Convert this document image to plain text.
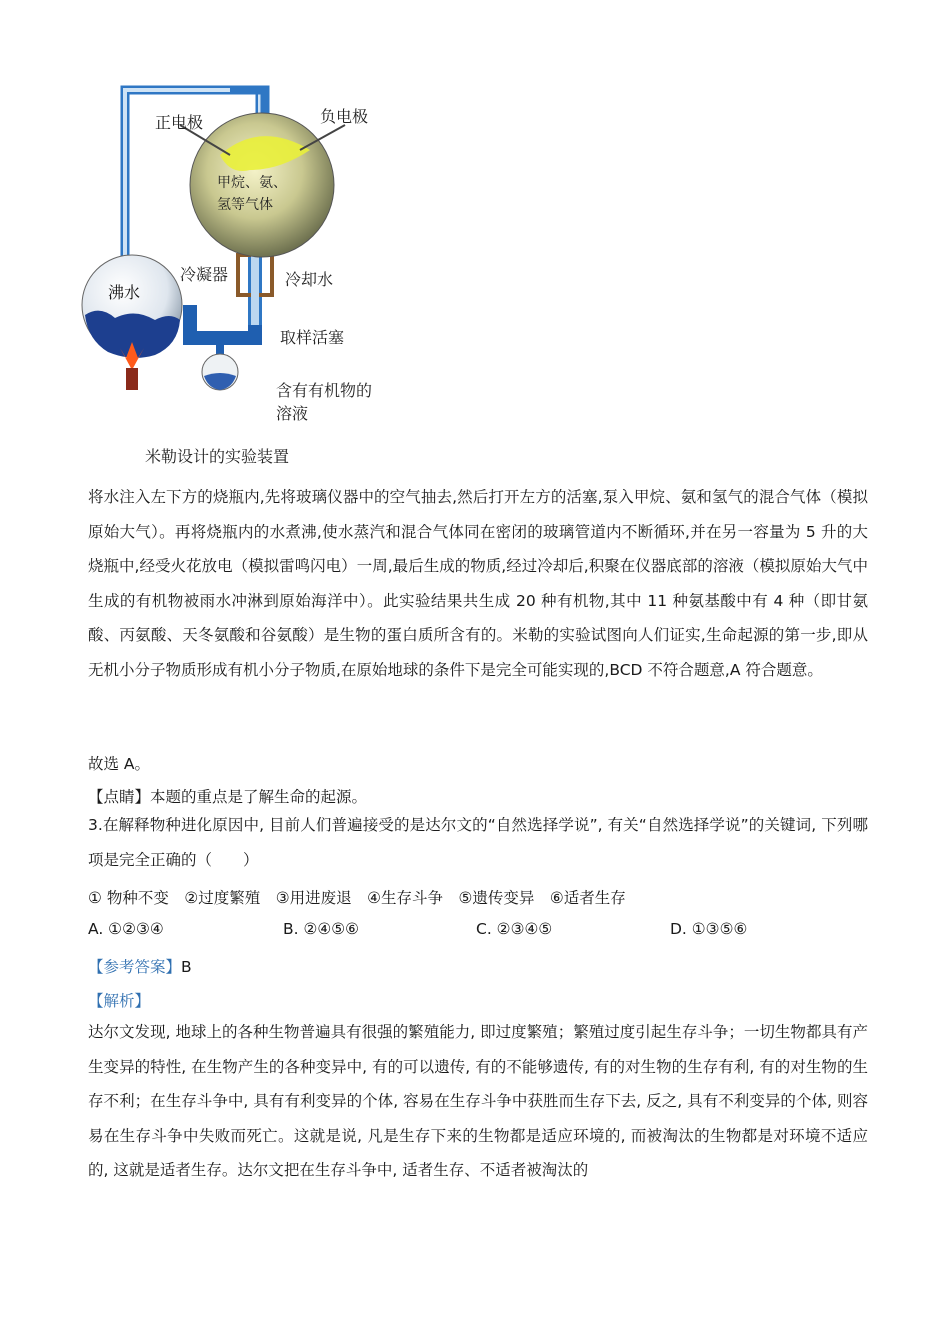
正电极	负电极
甲烷、氨、
氢等气体
冷凝器	冷却水
沸水
取样活塞
含有有机物的
溶液
米勒设计的实验装置
将水注入左下方的烧瓶内,先将玻璃仪器中的空气抽去,然后打开左方的活塞,泵入甲烷、氨和氢气的混合气体（模拟原始大气）。再将烧瓶内的水煮沸,使水蒸汽和混合气体同在密闭的玻璃管道内不断循环,并在另一容量为 5 升的大烧瓶中,经受火花放电（模拟雷鸣闪电）一周,最后生成的物质,经过冷却后,积聚在仪器底部的溶液（模拟原始大气中生成的有机物被雨水冲淋到原始海洋中）。此实验结果共生成 20 种有机物,其中 11 种氨基酸中有 4 种（即甘氨酸、丙氨酸、天冬氨酸和谷氨酸）是生物的蛋白质所含有的。米勒的实验试图向人们证实,生命起源的第一步,即从无机小分子物质形成有机小分子物质,在原始地球的条件下是完全可能实现的,BCD 不符合题意,A 符合题意。
故选 A。
【点睛】本题的重点是了解生命的起源。
3.在解释物种进化原因中, 目前人们普遍接受的是达尔文的“自然选择学说”, 有关“自然选择学说”的关键词, 下列哪项是完全正确的（　　）
① 物种不变　②过度繁殖　③用进废退　④生存斗争　⑤遗传变异　⑥适者生存
A. ①②③④	B. ②④⑤⑥	C. ②③④⑤	D. ①③⑤⑥
【参考答案】B
【解析】
达尔文发现, 地球上的各种生物普遍具有很强的繁殖能力, 即过度繁殖；繁殖过度引起生存斗争；一切生物都具有产生变异的特性, 在生物产生的各种变异中, 有的可以遗传, 有的不能够遗传, 有的对生物的生存有利, 有的对生物的生存不利；在生存斗争中, 具有有利变异的个体, 容易在生存斗争中获胜而生存下去, 反之, 具有不利变异的个体, 则容易在生存斗争中失败而死亡。这就是说, 凡是生存下来的生物都是适应环境的, 而被淘汰的生物都是对环境不适应的, 这就是适者生存。达尔文把在生存斗争中, 适者生存、不适者被淘汰的
